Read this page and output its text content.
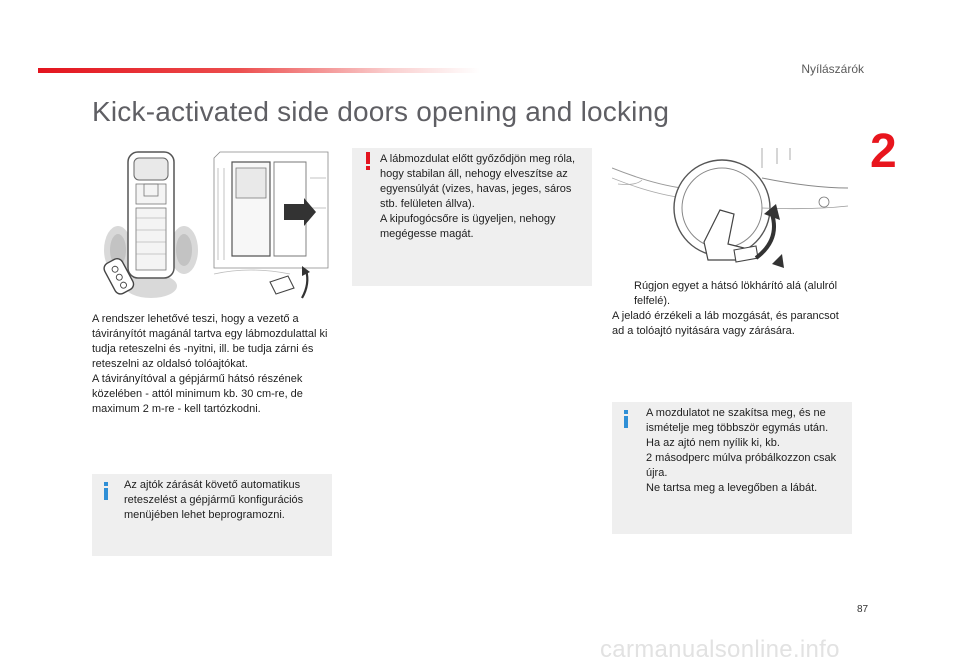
Nyílászárók
2
Kick-activated side doors opening and locking
A lábmozdulat előtt győződjön meg róla, hogy stabilan áll, nehogy elveszítse az egyensúlyát (vizes, havas, jeges, sáros stb. felületen állva).
A kipufogócsőre is ügyeljen, nehogy megégesse magát.
Rúgjon egyet a hátsó lökhárító alá (alulról felfelé).
A jeladó érzékeli a láb mozgását, és parancsot ad a tolóajtó nyitására vagy zárására.
A rendszer lehetővé teszi, hogy a vezető a távirányítót magánál tartva egy lábmozdulattal ki tudja reteszelni és -nyitni, ill. be tudja zárni és reteszelni az oldalsó tolóajtókat.
A távirányítóval a gépjármű hátsó részének közelében - attól minimum kb. 30 cm-re, de maximum 2 m-re - kell tartózkodni.
Az ajtók zárását követő automatikus reteszelést a gépjármű konfigurációs menüjében lehet beprogramozni.
A mozdulatot ne szakítsa meg, és ne ismételje meg többször egymás után.
Ha az ajtó nem nyílik ki, kb.
2 másodperc múlva próbálkozzon csak újra.
Ne tartsa meg a levegőben a lábát.
87
carmanualsonline.info
